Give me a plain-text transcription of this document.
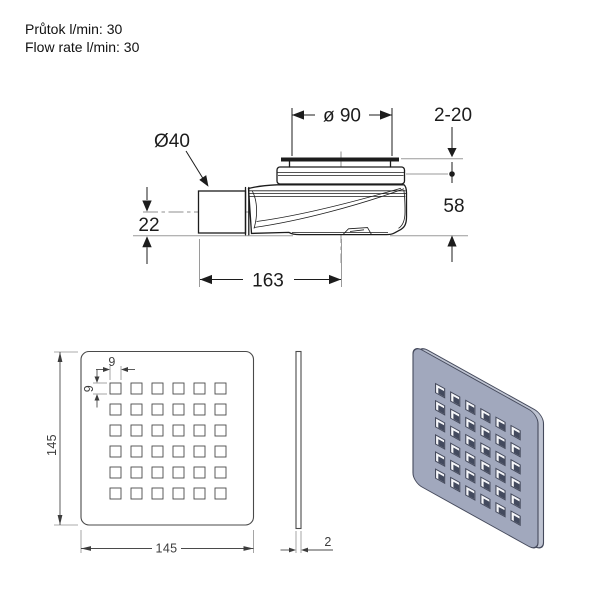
ø 90	2-20
Ø40
22
58
163
9
9
145
145	2
Průtok l/min: 30
Flow rate l/min: 30
